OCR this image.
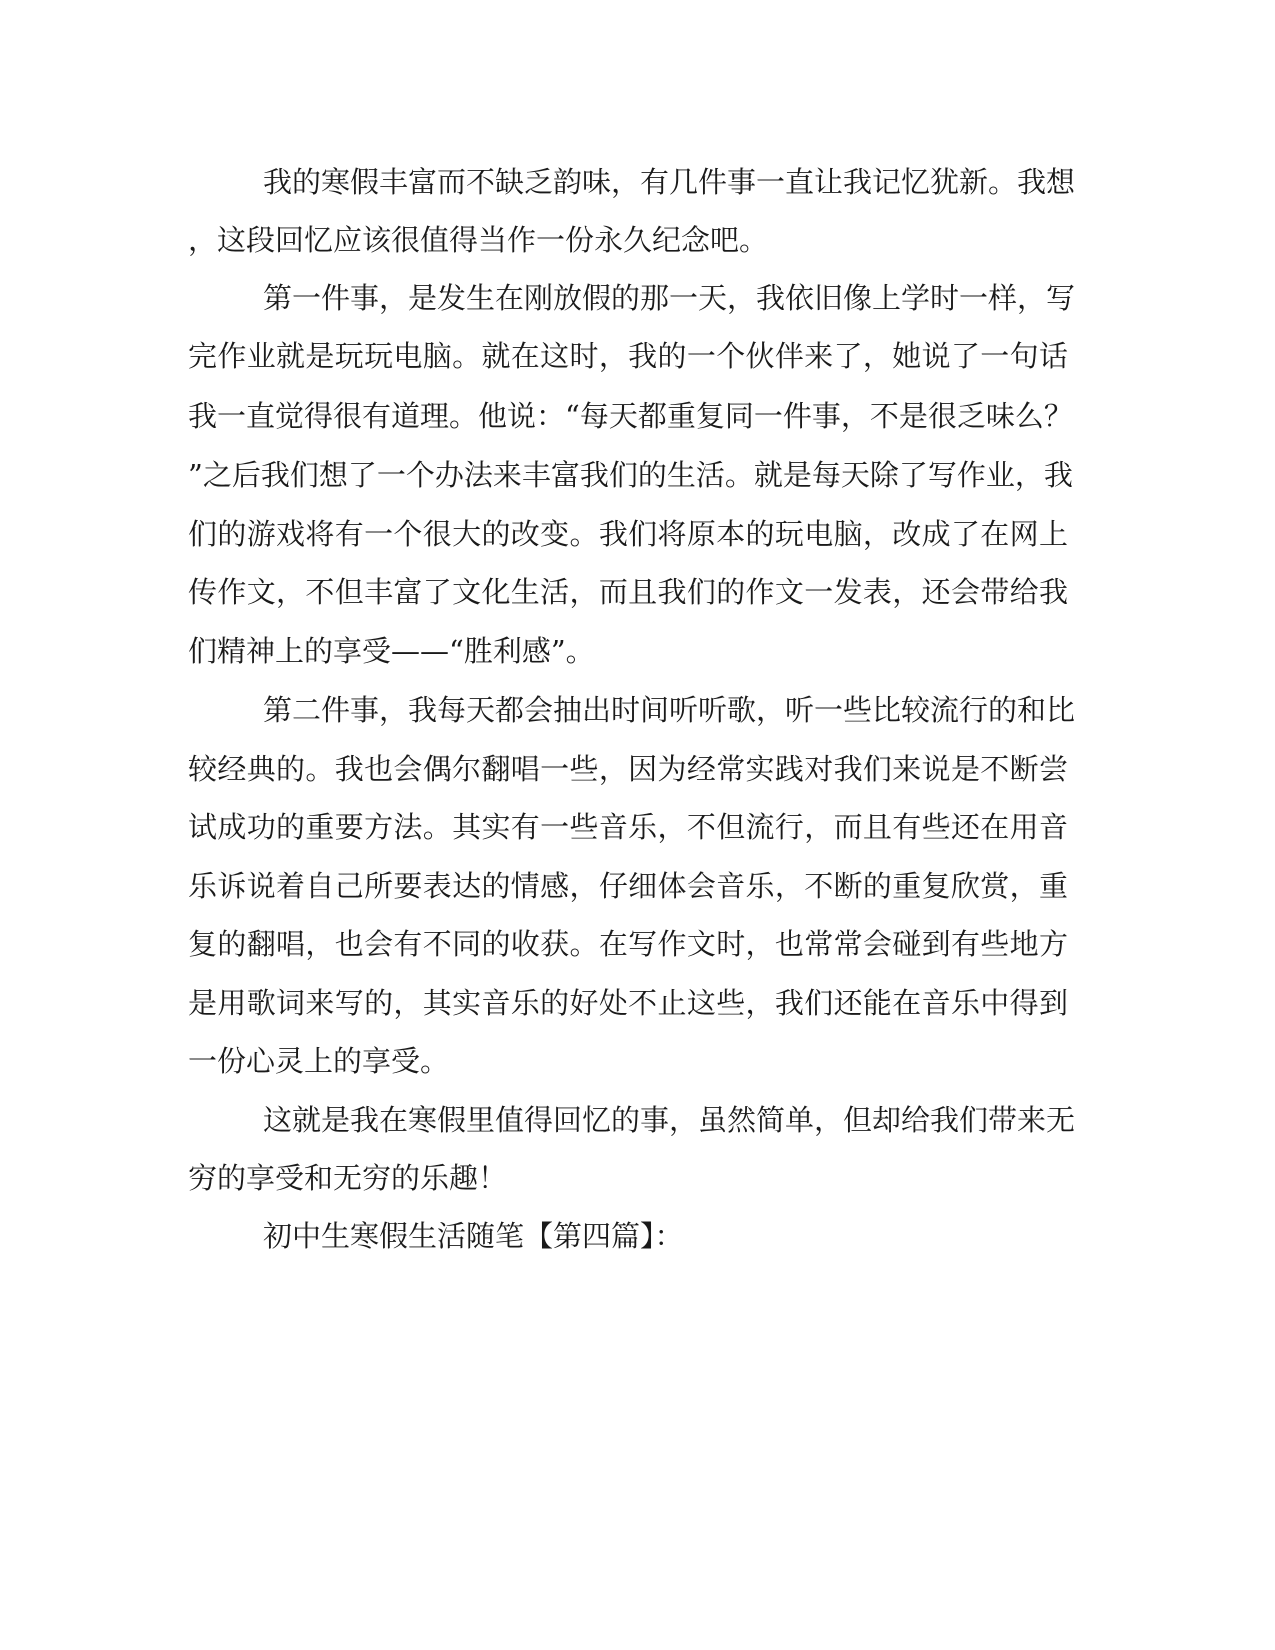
我的寒假丰富而不缺乏韵味，有几件事一直让我记忆犹新。我想
，这段回忆应该很值得当作一份永久纪念吧。
第一件事，是发生在刚放假的那一天，我依旧像上学时一样，写
完作业就是玩玩电脑。就在这时，我的一个伙伴来了，她说了一句话
我一直觉得很有道理。他说：“每天都重复同一件事，不是很乏味么？
”之后我们想了一个办法来丰富我们的生活。就是每天除了写作业，我
们的游戏将有一个很大的改变。我们将原本的玩电脑，改成了在网上
传作文，不但丰富了文化生活，而且我们的作文一发表，还会带给我
们精神上的享受——“胜利感”。
第二件事，我每天都会抽出时间听听歌，听一些比较流行的和比
较经典的。我也会偶尔翻唱一些，因为经常实践对我们来说是不断尝
试成功的重要方法。其实有一些音乐，不但流行，而且有些还在用音
乐诉说着自己所要表达的情感，仔细体会音乐，不断的重复欣赏，重
复的翻唱，也会有不同的收获。在写作文时，也常常会碰到有些地方
是用歌词来写的，其实音乐的好处不止这些，我们还能在音乐中得到
一份心灵上的享受。
这就是我在寒假里值得回忆的事，虽然简单，但却给我们带来无
穷的享受和无穷的乐趣！
初中生寒假生活随笔【第四篇】：
